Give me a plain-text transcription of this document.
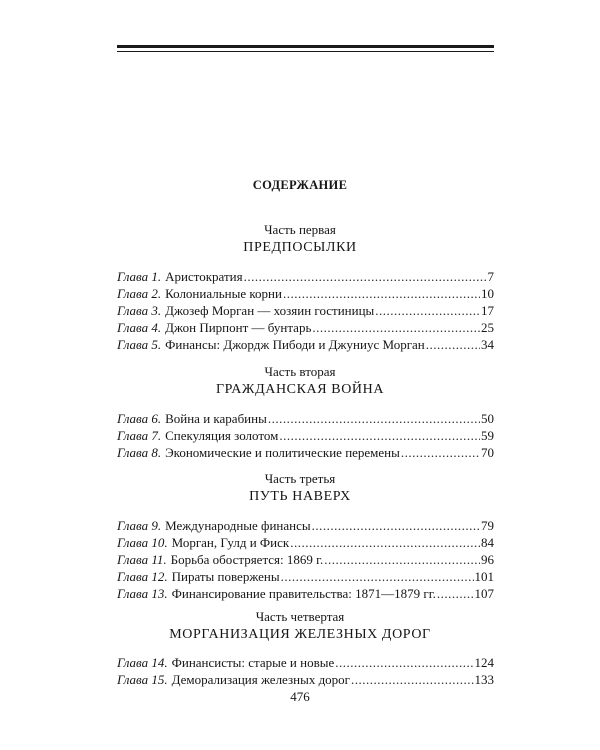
СОДЕРЖАНИЕ
Часть первая
ПРЕДПОСЫЛКИ
Глава 1. Аристократия .....	7
Глава 2. Колониальные корни .....	10
Глава 3. Джозеф Морган — хозяин гостиницы .....	17
Глава 4. Джон Пирпонт — бунтарь .....	25
Глава 5. Финансы: Джордж Пибоди и Джуниус Морган .....	34
Часть вторая
ГРАЖДАНСКАЯ ВОЙНА
Глава 6. Война и карабины .....	50
Глава 7. Спекуляция золотом .....	59
Глава 8. Экономические и политические перемены .....	70
Часть третья
ПУТЬ НАВЕРХ
Глава 9. Международные финансы .....	79
Глава 10. Морган, Гулд и Фиск .....	84
Глава 11. Борьба обостряется: 1869 г. .....	96
Глава 12. Пираты повержены .....	101
Глава 13. Финансирование правительства: 1871—1879 гг. .....	107
Часть четвертая
МОРГАНИЗАЦИЯ ЖЕЛЕЗНЫХ ДОРОГ
Глава 14. Финансисты: старые и новые .....	124
Глава 15. Деморализация железных дорог .....	133
476
